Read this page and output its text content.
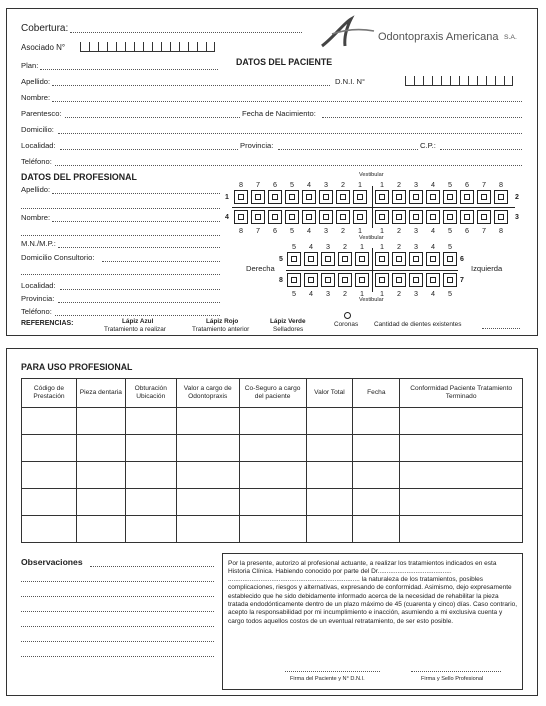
Cobertura:
Odontopraxis Americana S.A.
Asociado N°
Plan:	DATOS DEL PACIENTE
Apellido:	D.N.I. N°
Nombre:
Parentesco:	Fecha de Nacimiento:
Domicilio:
Localidad:	Provincia:	C.P.:
Teléfono:
DATOS DEL PROFESIONAL
Apellido:
Nombre:
M.N./M.P.:
Domicilio Consultorio:
Localidad:
Provincia:
Teléfono:
Vestibular
8	7	6	5	4	3	2	1	1	2	3	4	5	6	7	8
1	2
4	3
8	7	6	5	4	3	2	1	1	2	3	4	5	6	7	8
Vestibular
5	4	3	2	1	1	2	3	4	5
5	6
Derecha	Izquierda
8	7
5	4	3	2	1	1	2	3	4	5
Vestibular
REFERENCIAS:	Lápiz Azul
Tratamiento a realizar
Lápiz Rojo
Tratamiento anterior
Lápiz Verde
Selladores
Coronas Cantidad de dientes existentes
PARA USO PROFESIONAL
Código de Prestación	Pieza dentaria	Obturación Ubicación	Valor a cargo de Odontopraxis	Co-Seguro a cargo del paciente	Valor Total	Fecha	Conformidad Paciente Tratamiento Terminado

Observaciones	Por la presente, autorizo al profesional actuante, a realizar los tratamientos indicados en esta Historia Clínica. Habiendo conocido por parte del Dr.........................................
......................................................................... la naturaleza de los tratamientos, posibles complicaciones, riesgos y alternativas, expresando de conformidad. Asimismo, dejo expresamente establecido que he sido debidamente informado acerca de la necesidad de rehabilitar la pieza tratada endodónticamente dentro de un plazo máximo de 45 (cuarenta y cinco) días. Caso contrario, acepto la responsabilidad por mi incumplimiento e inacción, asumiendo a mi exclusiva cuenta y cargo todos aquellos costos de un eventual retratamiento, de ser esto posible.
Firma del Paciente y N° D.N.I.	Firma y Sello Profesional
